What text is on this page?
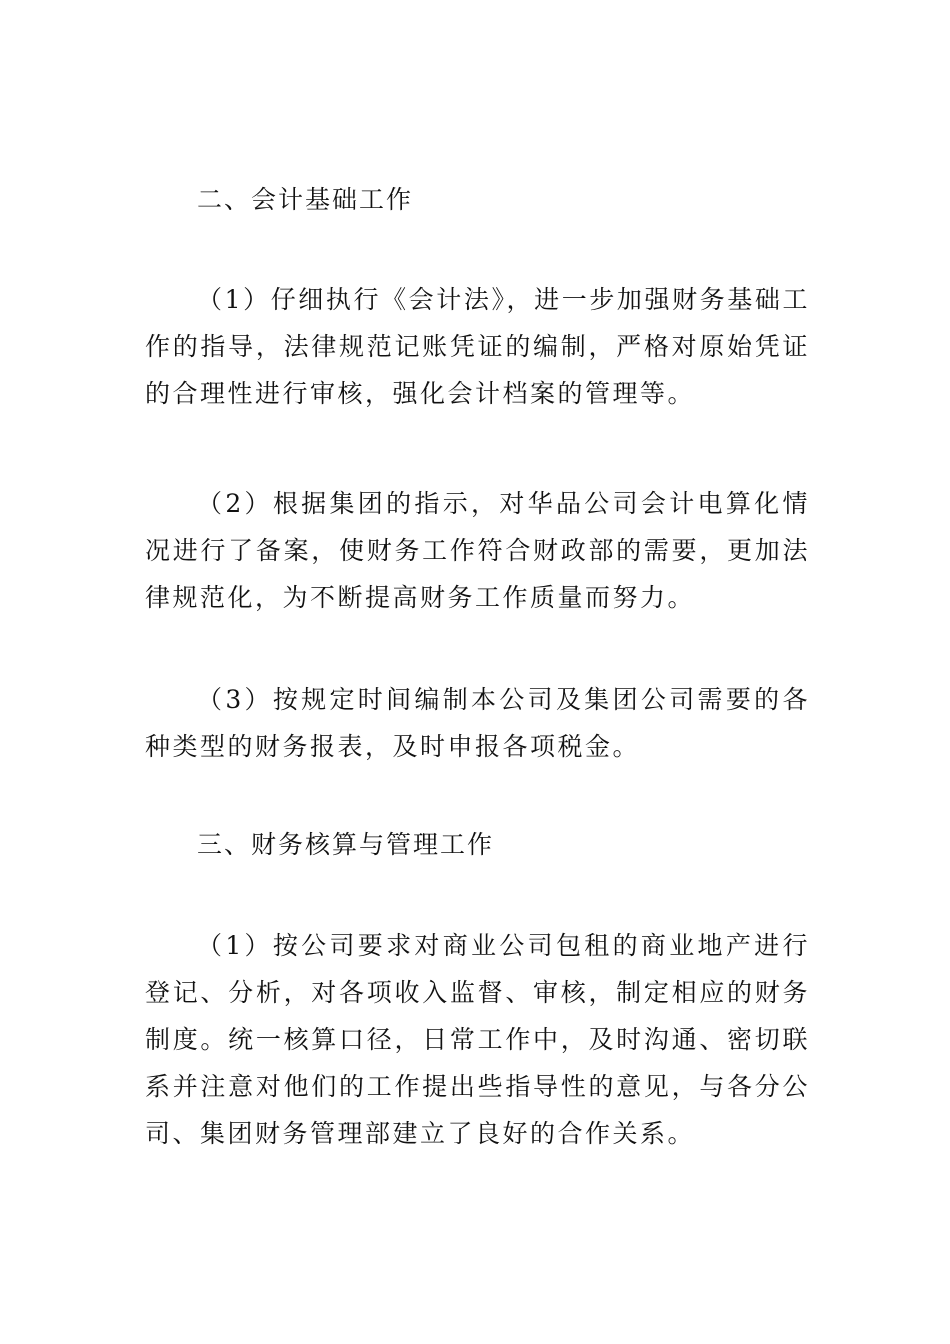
二、会计基础工作

（1）仔细执行《会计法》，进一步加强财务基础工作的指导，法律规范记账凭证的编制，严格对原始凭证的合理性进行审核，强化会计档案的管理等。

（2）根据集团的指示，对华品公司会计电算化情况进行了备案，使财务工作符合财政部的需要，更加法律规范化，为不断提高财务工作质量而努力。

（3）按规定时间编制本公司及集团公司需要的各种类型的财务报表，及时申报各项税金。

三、财务核算与管理工作

（1）按公司要求对商业公司包租的商业地产进行登记、分析，对各项收入监督、审核，制定相应的财务制度。统一核算口径，日常工作中，及时沟通、密切联系并注意对他们的工作提出些指导性的意见，与各分公司、集团财务管理部建立了良好的合作关系。
